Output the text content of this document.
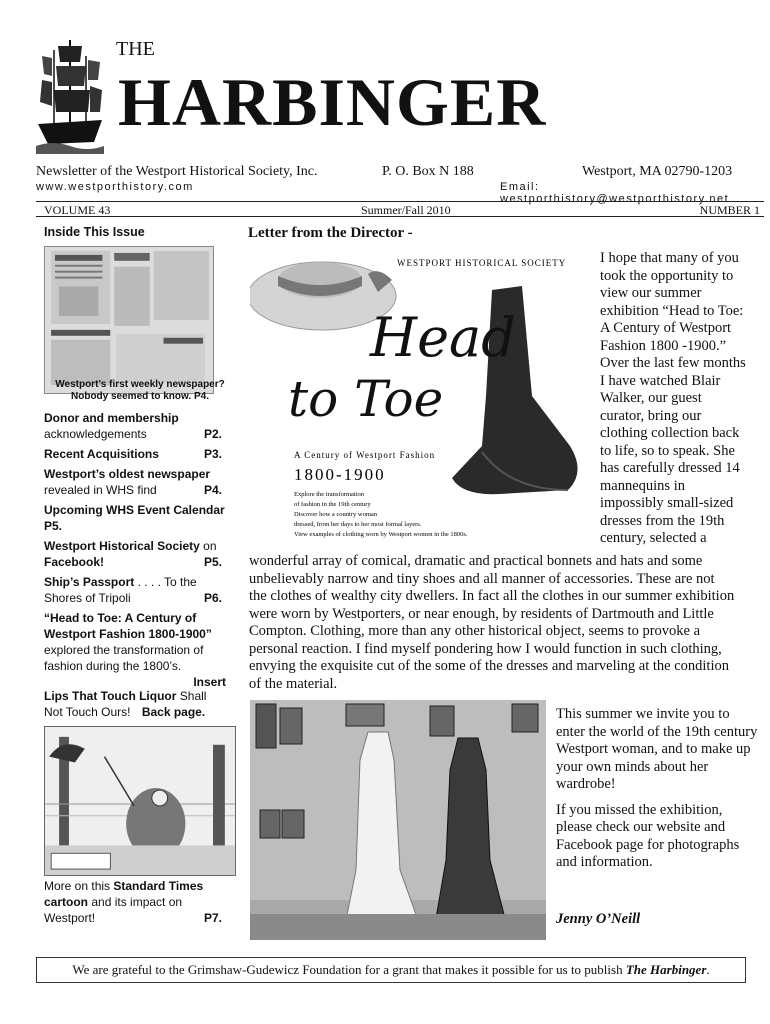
THE
HARBINGER
Newsletter of the Westport Historical Society, Inc.	P. O. Box N 188	Westport, MA 02790-1203
www.westporthistory.com	Email: westporthistory@westporthistory.net
VOLUME 43	Summer/Fall 2010	NUMBER 1
Inside This Issue
Westport’s first weekly newspaper?
Nobody seemed to know. P4.
Donor and membership
acknowledgements	P2.
Recent Acquisitions	P3.
Westport’s oldest newspaper
revealed in WHS find	P4.
Upcoming WHS Event Calendar
P5.
Westport Historical Society on
Facebook!	P5.
Ship’s Passport . . . . To the
Shores of Tripoli	P6.
“Head to Toe: A Century of Westport Fashion 1800-1900”
explored the transformation of fashion during the 1800’s.

Insert
Lips That Touch Liquor Shall
Not Touch Ours! Back page.
More on this Standard Times cartoon and its impact on
Westport!	P7.
Letter from the Director -
WESTPORT HISTORICAL SOCIETY
Head
to Toe
A Century of Westport Fashion
1800-1900
Explore the transformation
of fashion in the 19th century
Discover how a country woman
dressed, from her days to her most formal layers.
View examples of clothing worn by Westport women in the 1800s.
I hope that many of you
took the opportunity to
view our summer
exhibition “Head to Toe:
A Century of Westport
Fashion 1800 -1900.”
Over the last few months
I have watched Blair
Walker, our guest
curator, bring our
clothing collection back
to life, so to speak. She
has carefully dressed 14
mannequins in
impossibly small-sized
dresses from the 19th
century, selected a
wonderful array of comical, dramatic and practical bonnets and hats and some
unbelievably narrow and tiny shoes and all manner of accessories. These are not
the clothes of wealthy city dwellers. In fact all the clothes in our summer exhibition
were worn by Westporters, or near enough, by residents of Dartmouth and Little
Compton. Clothing, more than any other historical object, seems to provoke a
personal reaction. I find myself pondering how I would function in such clothing,
envying the exquisite cut of the some of the dresses and marveling at the condition
of the material.

This summer we invite you to enter the world of the 19th century Westport woman, and to make up your own minds about her wardrobe!

If you missed the exhibition, please check our website and Facebook page for photographs and information.

Jenny O’Neill
We are grateful to the Grimshaw-Gudewicz Foundation for a grant that makes it possible for us to publish The Harbinger.
